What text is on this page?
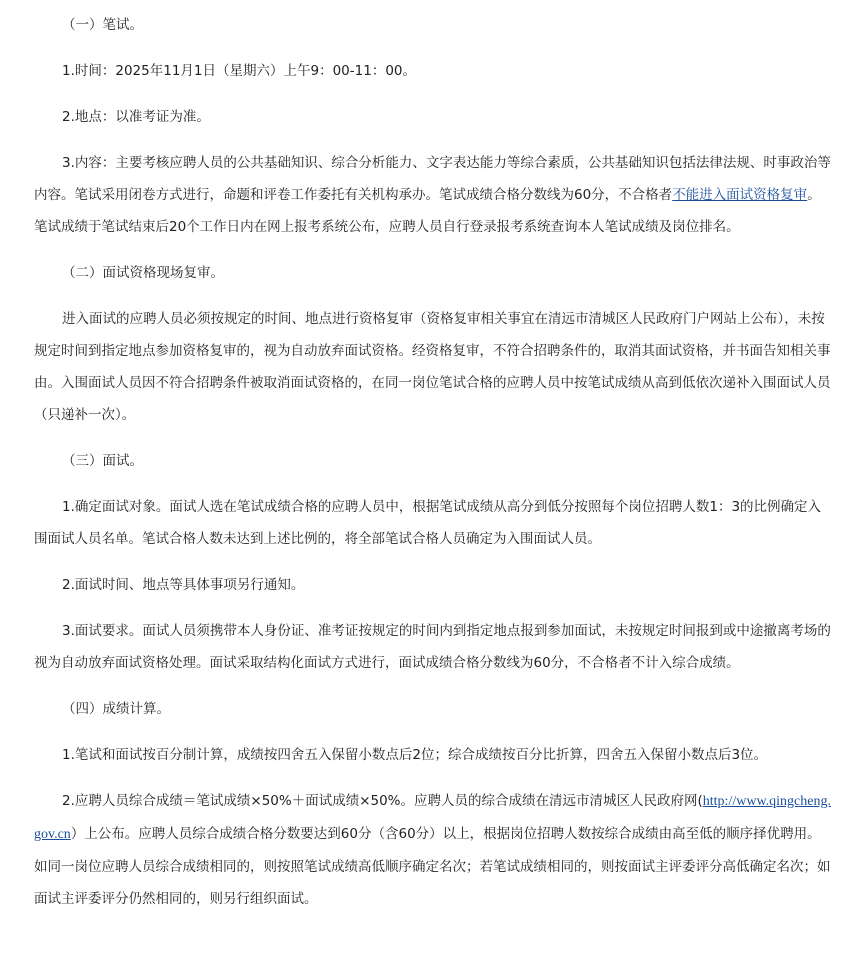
（一）笔试。

1.时间：2025年11月1日（星期六）上午9：00-11：00。

2.地点：以准考证为准。

3.内容：主要考核应聘人员的公共基础知识、综合分析能力、文字表达能力等综合素质，公共基础知识包括法律法规、时事政治等内容。笔试采用闭卷方式进行，命题和评卷工作委托有关机构承办。笔试成绩合格分数线为60分，不合格者不能进入面试资格复审。笔试成绩于笔试结束后20个工作日内在网上报考系统公布，应聘人员自行登录报考系统查询本人笔试成绩及岗位排名。

（二）面试资格现场复审。

进入面试的应聘人员必须按规定的时间、地点进行资格复审（资格复审相关事宜在清远市清城区人民政府门户网站上公布），未按规定时间到指定地点参加资格复审的，视为自动放弃面试资格。经资格复审，不符合招聘条件的，取消其面试资格，并书面告知相关事由。入围面试人员因不符合招聘条件被取消面试资格的，在同一岗位笔试合格的应聘人员中按笔试成绩从高到低依次递补入围面试人员（只递补一次）。

（三）面试。

1.确定面试对象。面试人选在笔试成绩合格的应聘人员中，根据笔试成绩从高分到低分按照每个岗位招聘人数1：3的比例确定入围面试人员名单。笔试合格人数未达到上述比例的，将全部笔试合格人员确定为入围面试人员。

2.面试时间、地点等具体事项另行通知。

3.面试要求。面试人员须携带本人身份证、准考证按规定的时间内到指定地点报到参加面试，未按规定时间报到或中途撤离考场的视为自动放弃面试资格处理。面试采取结构化面试方式进行，面试成绩合格分数线为60分，不合格者不计入综合成绩。

（四）成绩计算。

1.笔试和面试按百分制计算，成绩按四舍五入保留小数点后2位；综合成绩按百分比折算，四舍五入保留小数点后3位。

2.应聘人员综合成绩＝笔试成绩×50%＋面试成绩×50%。应聘人员的综合成绩在清远市清城区人民政府网(http://www.qingcheng.gov.cn）上公布。应聘人员综合成绩合格分数要达到60分（含60分）以上，根据岗位招聘人数按综合成绩由高至低的顺序择优聘用。如同一岗位应聘人员综合成绩相同的，则按照笔试成绩高低顺序确定名次；若笔试成绩相同的，则按面试主评委评分高低确定名次；如面试主评委评分仍然相同的，则另行组织面试。
